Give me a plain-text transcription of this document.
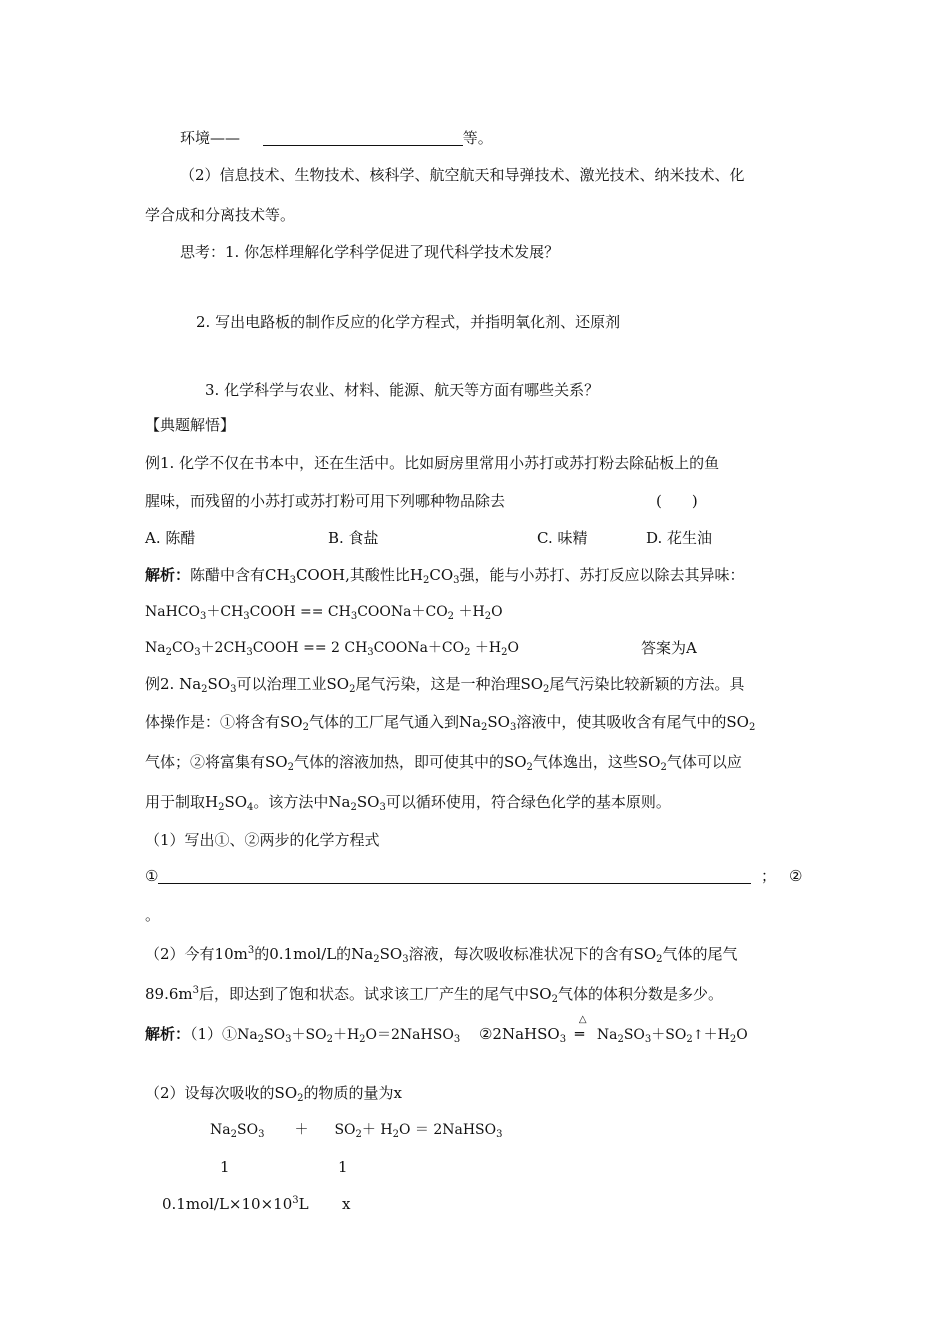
环境——	等。
（2）信息技术、生物技术、核科学、航空航天和导弹技术、激光技术、纳米技术、化
学合成和分离技术等。
思考：1. 你怎样理解化学科学促进了现代科学技术发展？
2. 写出电路板的制作反应的化学方程式，并指明氧化剂、还原剂
3. 化学科学与农业、材料、能源、航天等方面有哪些关系？
【典题解悟】
例1. 化学不仅在书本中，还在生活中。比如厨房里常用小苏打或苏打粉去除砧板上的鱼
腥味，而残留的小苏打或苏打粉可用下列哪种物品除去	(　　)
A. 陈醋	B. 食盐	C. 味精	D. 花生油
解析：陈醋中含有$CH_3COOH$,其酸性比$H_2CO_3$强，能与小苏打、苏打反应以除去其异味：
$NaHCO_3+CH_3COOH$ == $CH_3COONa+CO_2 +H_2O$
$Na_2CO_3+2CH_3COOH == 2$ $CH_3COONa+CO_2 +H_2O$	答案为A
例2. $Na_2SO_3$可以治理工业$SO_2$尾气污染，这是一种治理$SO_2$尾气污染比较新颖的方法。具
体操作是：①将含有$SO_2$气体的工厂尾气通入到$Na_2SO_3$溶液中，使其吸收含有尾气中的$SO_2$
气体；②将富集有$SO_2$气体的溶液加热，即可使其中的$SO_2$气体逸出，这些$SO_2$气体可以应
用于制取$H_2SO_4$。该方法中$Na_2SO_3$可以循环使用，符合绿色化学的基本原则。
（1）写出①、②两步的化学方程式
①	； ②
。
（2）今有$10m^3$的0.1mol/L的$Na_2SO_3$溶液，每次吸收标准状况下的含有$SO_2$气体的尾气
$89.6m^3$后，即达到了饱和状态。试求该工厂产生的尾气中$SO_2$气体的体积分数是多少。
解析：$(1)①Na_2SO_3+SO_2+H_2O=2NaHSO_3$ ②2NaHSO$_3$
△
═ $Na_2SO_3+SO_2↑+H_2O$
（2）设每次吸收的$SO_2$的物质的量为x
$Na_2SO_3 + SO_2+ H_2O$ ＝ 2NaHSO$_3$
1	1
$0.1mol/L\times 10\times 10^3L$ x
